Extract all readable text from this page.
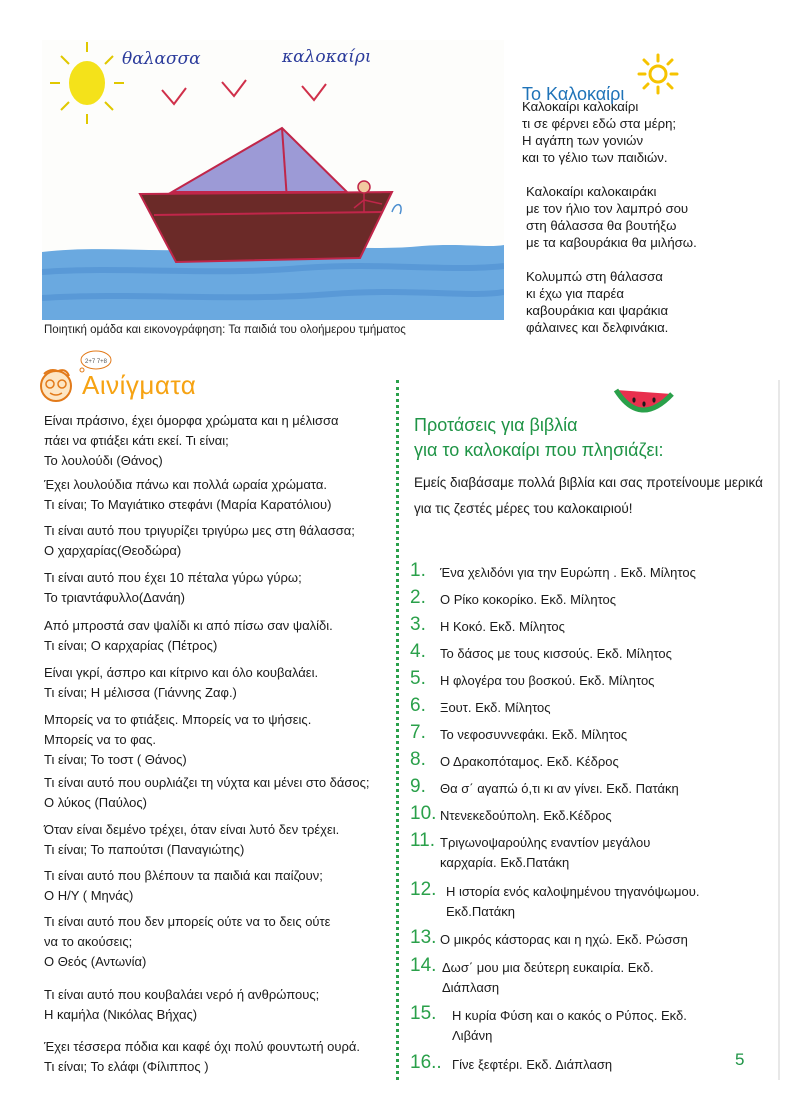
θαλασσα	καλοκαίρι
Ποιητική ομάδα και εικονογράφηση: Τα παιδιά του ολοήμερου τμήματος
Το Καλοκαίρι
Καλοκαίρι καλοκαίρι
τι σε φέρνει εδώ στα μέρη;
Η αγάπη των γονιών
και το γέλιο των παιδιών.
Καλοκαίρι καλοκαιράκι
με τον ήλιο τον λαμπρό σου
στη θάλασσα θα βουτήξω
με τα καβουράκια θα μιλήσω.
Κολυμπώ στη θάλασσα
κι έχω για παρέα
καβουράκια και ψαράκια
φάλαινες και δελφινάκια.
2+7 7+8
Αινίγματα
Είναι πράσινο, έχει όμορφα χρώματα και η μέλισσα
πάει να φτιάξει κάτι εκεί. Τι είναι;
Το λουλούδι (Θάνος)
Έχει λουλούδια πάνω και πολλά ωραία χρώματα.
Τι είναι; Το Μαγιάτικο στεφάνι (Μαρία Καρατόλιου)
Τι είναι αυτό που τριγυρίζει τριγύρω μες στη θάλασσα;
Ο χαρχαρίας(Θεοδώρα)
Τι είναι αυτό που έχει 10 πέταλα γύρω γύρω;
Το τριαντάφυλλο(Δανάη)
Από μπροστά σαν ψαλίδι κι από πίσω σαν ψαλίδι.
Τι είναι; Ο καρχαρίας (Πέτρος)
Είναι γκρί, άσπρο και κίτρινο και όλο κουβαλάει.
Τι είναι; Η μέλισσα (Γιάννης Ζαφ.)
Μπορείς να το φτιάξεις. Μπορείς να το ψήσεις.
Μπορείς να το φας.
Τι είναι; Το τοστ ( Θάνος)
Τι είναι αυτό που ουρλιάζει τη νύχτα και μένει στο δάσος;
Ο λύκος (Παύλος)
Όταν είναι δεμένο τρέχει, όταν είναι λυτό δεν τρέχει.
Τι είναι; Το παπούτσι (Παναγιώτης)
Τι είναι αυτό που βλέπουν τα παιδιά και παίζουν;
Ο Η/Υ ( Μηνάς)
Τι είναι αυτό που δεν μπορείς ούτε να το δεις ούτε
να το ακούσεις;
Ο Θεός (Αντωνία)
Τι είναι αυτό που κουβαλάει νερό ή ανθρώπους;
Η καμήλα (Νικόλας Βήχας)
Έχει τέσσερα πόδια και καφέ όχι πολύ φουντωτή ουρά.
Τι είναι; Το ελάφι (Φίλιππος )
Προτάσεις για βιβλία
για το καλοκαίρι που πλησιάζει:
Εμείς διαβάσαμε πολλά βιβλία και σας προτείνουμε μερικά για τις ζεστές μέρες του καλοκαιριού!
1. Ένα χελιδόνι για την Ευρώπη . Εκδ. Μίλητος
2. Ο Ρίκο κοκορίκο. Εκδ. Μίλητος
3. Η Κοκό. Εκδ. Μίλητος
4. Το δάσος με τους κισσούς. Εκδ. Μίλητος
5. Η φλογέρα του βοσκού. Εκδ. Μίλητος
6. Ξουτ. Εκδ. Μίλητος
7. Το νεφοσυννεφάκι. Εκδ. Μίλητος
8. Ο Δρακοπόταμος. Εκδ. Κέδρος
9. Θα σ΄ αγαπώ ό,τι κι αν γίνει. Εκδ. Πατάκη
10. Ντενεκεδούπολη. Εκδ.Κέδρος
11. Τριγωνοψαρούλης εναντίον μεγάλου
καρχαρία. Εκδ.Πατάκη
12. Η ιστορία ενός καλοψημένου τηγανόψωμου.
Εκδ.Πατάκη
13. Ο μικρός κάστορας και η ηχώ. Εκδ. Ρώσση
14. Δωσ΄ μου μια δεύτερη ευκαιρία. Εκδ.
Διάπλαση
15. Η κυρία Φύση και ο κακός ο Ρύπος. Εκδ.
Λιβάνη
16.. Γίνε ξεφτέρι. Εκδ. Διάπλαση	5
